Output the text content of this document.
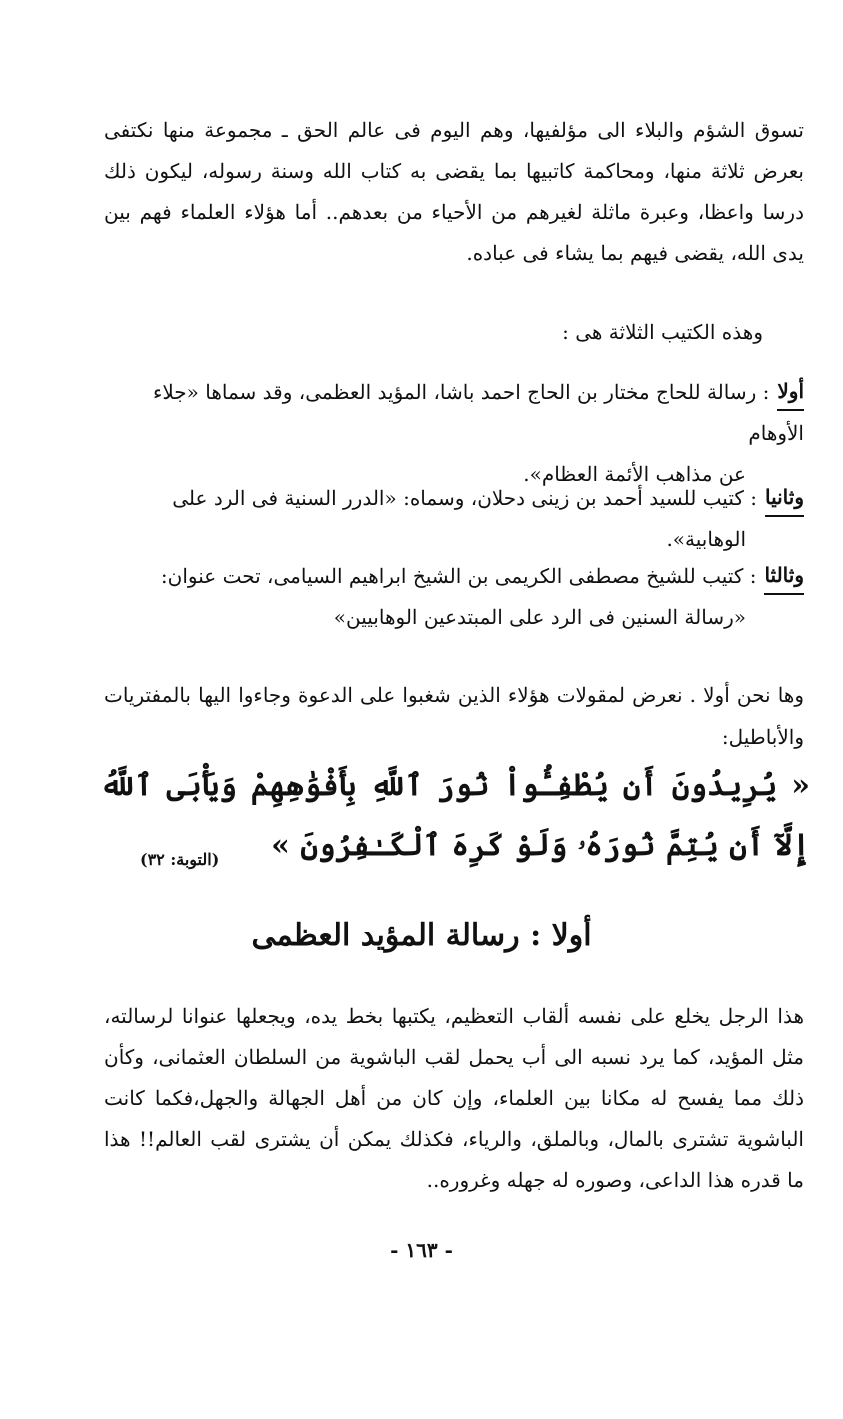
تسوق الشؤم والبلاء الى مؤلفيها، وهم اليوم فى عالم الحق ـ مجموعة منها نكتفى بعرض ثلاثة منها، ومحاكمة كاتبيها بما يقضى به كتاب الله وسنة رسوله، ليكون ذلك درسا واعظا، وعبرة ماثلة لغيرهم من الأحياء من بعدهم.. أما هؤلاء العلماء فهم بين يدى الله، يقضى فيهم بما يشاء فى عباده.

وهذه الكتيب الثلاثة هى :
أولا
: رسالة للحاج مختار بن الحاج احمد باشا، المؤيد العظمى، وقد سماها «جلاء الأوهام
عن مذاهب الأئمة العظام».
وثانيا
: كتيب للسيد أحمد بن زينى دحلان، وسماه: «الدرر السنية فى الرد على
الوهابية».
وثالثا
: كتيب للشيخ مصطفى الكريمى بن الشيخ ابراهيم السيامى، تحت عنوان:
«رسالة السنين فى الرد على المبتدعين الوهابيين»

وها نحن أولا . نعرض لمقولات هؤلاء الذين شغبوا على الدعوة وجاءوا اليها بالمفتريات والأباطيل:

« يُرِيدُونَ أَن يُطْفِـُٔواْ نُورَ ٱللَّهِ بِأَفْوَٰهِهِمْ وَيَأْبَى ٱللَّهُ إِلَّآ أَن يُتِمَّ نُورَهُۥ وَلَوْ كَرِهَ ٱلْكَـٰفِرُونَ »
(التوبة: ٣٢)
أولا : رسالة المؤيد العظمى

هذا الرجل يخلع على نفسه ألقاب التعظيم، يكتبها بخط يده، ويجعلها عنوانا لرسالته، مثل المؤيد، كما يرد نسبه الى أب يحمل لقب الباشوية من السلطان العثمانى، وكأن ذلك مما يفسح له مكانا بين العلماء، وإن كان من أهل الجهالة والجهل،فكما كانت الباشوية تشترى بالمال، وبالملق، والرياء، فكذلك يمكن أن يشترى لقب العالم!! هذا ما قدره هذا الداعى، وصوره له جهله وغروره..

- ١٦٣ -
